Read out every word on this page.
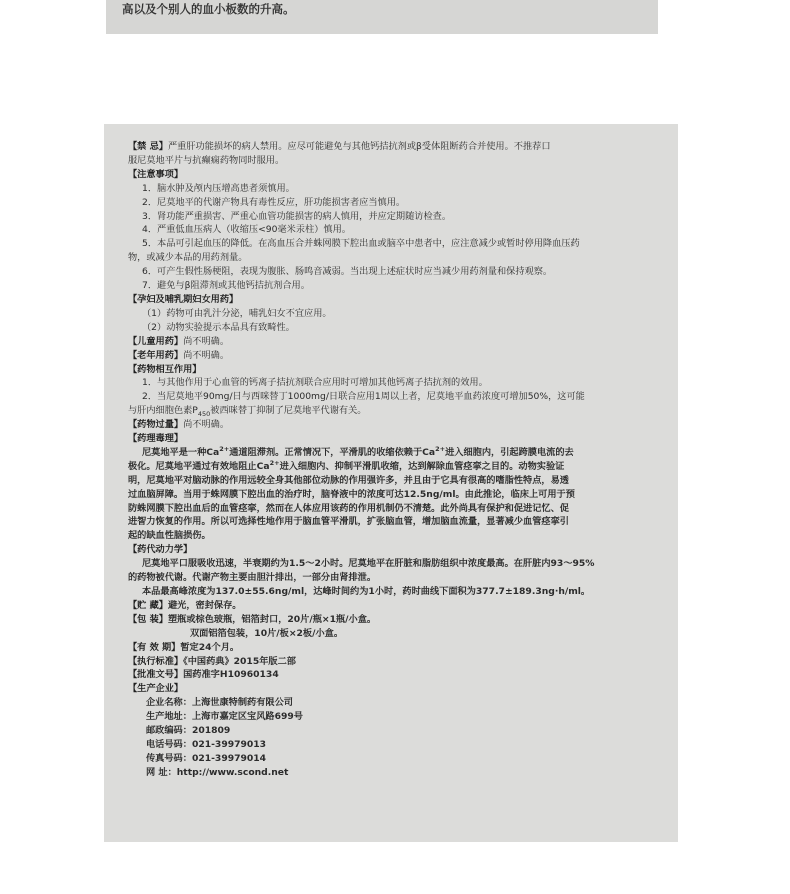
高以及个别人的血小板数的升高。

【禁 忌】严重肝功能损坏的病人禁用。应尽可能避免与其他钙拮抗剂或β受体阻断药合并使用。不推荐口

服尼莫地平片与抗癫痫药物同时服用。

【注意事项】

1．脑水肿及颅内压增高患者须慎用。

2．尼莫地平的代谢产物具有毒性反应，肝功能损害者应当慎用。

3．肾功能严重损害、严重心血管功能损害的病人慎用，并应定期随访检查。

4．严重低血压病人（收缩压<90毫米汞柱）慎用。

5．本品可引起血压的降低。在高血压合并蛛网膜下腔出血或脑卒中患者中，应注意减少或暂时停用降血压药

物，或减少本品的用药剂量。

6．可产生假性肠梗阻，表现为腹胀、肠鸣音减弱。当出现上述症状时应当减少用药剂量和保持观察。

7．避免与β阻滞剂或其他钙拮抗剂合用。

【孕妇及哺乳期妇女用药】

（1）药物可由乳汁分泌，哺乳妇女不宜应用。

（2）动物实验提示本品具有致畸性。

【儿童用药】尚不明确。

【老年用药】尚不明确。

【药物相互作用】

1．与其他作用于心血管的钙离子拮抗剂联合应用时可增加其他钙离子拮抗剂的效用。

2．当尼莫地平90mg/日与西咪替丁1000mg/日联合应用1周以上者，尼莫地平血药浓度可增加50%，这可能

与肝内细胞色素$P_{450}$被西咪替丁抑制了尼莫地平代谢有关。

【药物过量】尚不明确。

【药理毒理】

尼莫地平是一种$Ca^{2+}$通道阻滞剂。正常情况下，平滑肌的收缩依赖于$Ca^{2+}$进入细胞内，引起跨膜电流的去

极化。尼莫地平通过有效地阻止$Ca^{2+}$进入细胞内、抑制平滑肌收缩，达到解除血管痉挛之目的。动物实验证

明，尼莫地平对脑动脉的作用远较全身其他部位动脉的作用强许多，并且由于它具有很高的嗜脂性特点，易透

过血脑屏障。当用于蛛网膜下腔出血的治疗时，脑脊液中的浓度可达12.5ng/ml。由此推论，临床上可用于预

防蛛网膜下腔出血后的血管痉挛，然而在人体应用该药的作用机制仍不清楚。此外尚具有保护和促进记忆、促

进智力恢复的作用。所以可选择性地作用于脑血管平滑肌，扩张脑血管，增加脑血流量，显著减少血管痉挛引

起的缺血性脑损伤。

【药代动力学】

尼莫地平口服吸收迅速，半衰期约为1.5～2小时。尼莫地平在肝脏和脂肪组织中浓度最高。在肝脏内93～95%

的药物被代谢。代谢产物主要由胆汁排出，一部分由肾排泄。

本品最高峰浓度为137.0±55.6ng/ml，达峰时间约为1小时，药时曲线下面积为377.7±189.3ng·h/ml。

【贮 藏】避光，密封保存。

【包 装】塑瓶或棕色玻瓶，铝箔封口，20片/瓶×1瓶/小盒。

双面铝箔包装，10片/板×2板/小盒。

【有 效 期】暂定24个月。

【执行标准】《中国药典》2015年版二部

【批准文号】国药准字H10960134

【生产企业】

企业名称：上海世康特制药有限公司

生产地址：上海市嘉定区宝风路699号

邮政编码：201809

电话号码：021-39979013

传真号码：021-39979014

网 址：http://www.scond.net
